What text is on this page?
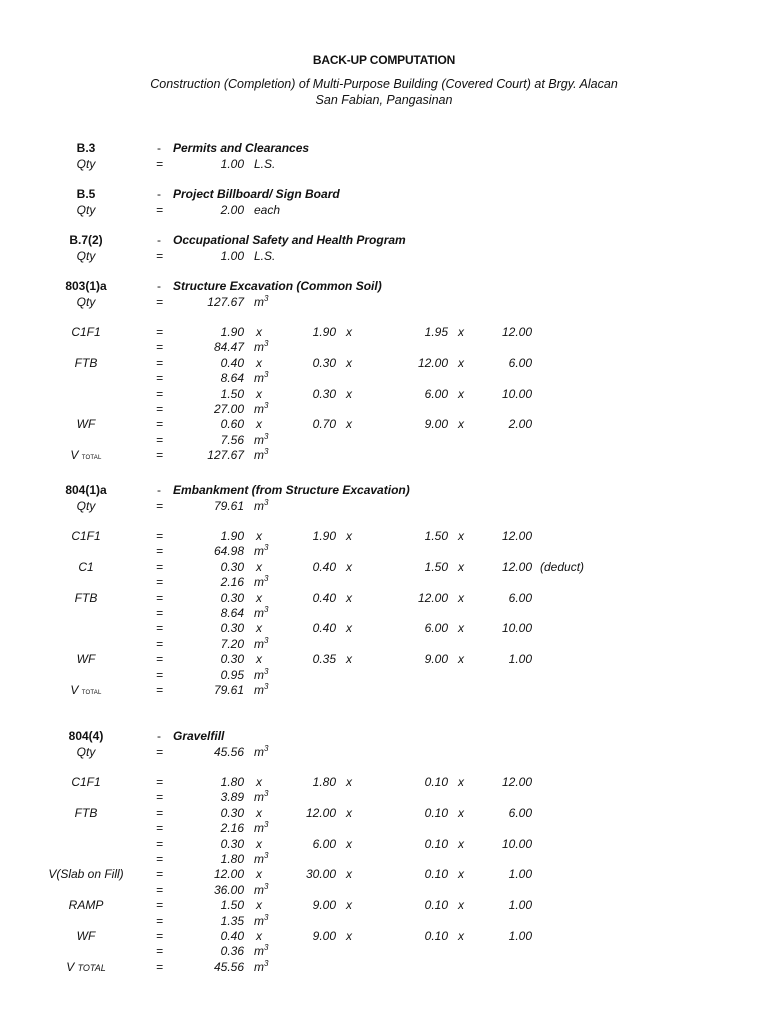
BACK-UP COMPUTATION
Construction (Completion) of Multi-Purpose Building (Covered Court) at Brgy. Alacan
San Fabian, Pangasinan
B.3	- Permits and Clearances
Qty	=	1.00 L.S.
B.5	- Project Billboard/ Sign Board
Qty	=	2.00 each
B.7(2)	- Occupational Safety and Health Program
Qty	=	1.00 L.S.
803(1)a	- Structure Excavation (Common Soil)
Qty	=	127.67 $m^3$
C1F1	=	1.90 x	1.90 x	1.95 x	12.00
=	84.47 $m^3$
FTB	=	0.40 x	0.30 x	12.00 x	6.00
=	8.64 $m^3$
=	1.50 x	0.30 x	6.00 x	10.00
=	27.00 $m^3$
WF	=	0.60 x	0.70 x	9.00 x	2.00
=	7.56 $m^3$
V TOTAL	=	127.67 $m^3$
804(1)a	- Embankment (from Structure Excavation)
Qty	=	79.61 $m^3$
C1F1	=	1.90 x	1.90 x	1.50 x	12.00
=	64.98 $m^3$
C1	=	0.30 x	0.40 x	1.50 x	12.00 (deduct)
=	2.16 $m^3$
FTB	=	0.30 x	0.40 x	12.00 x	6.00
=	8.64 $m^3$
=	0.30 x	0.40 x	6.00 x	10.00
=	7.20 $m^3$
WF	=	0.30 x	0.35 x	9.00 x	1.00
=	0.95 $m^3$
V TOTAL	=	79.61 $m^3$
804(4)	- Gravelfill
Qty	=	45.56 $m^3$
C1F1	=	1.80 x	1.80 x	0.10 x	12.00
=	3.89 $m^3$
FTB	=	0.30 x	12.00 x	0.10 x	6.00
=	2.16 $m^3$
=	0.30 x	6.00 x	0.10 x	10.00
=	1.80 $m^3$
V(Slab on Fill)	=	12.00 x	30.00 x	0.10 x	1.00
=	36.00 $m^3$
RAMP	=	1.50 x	9.00 x	0.10 x	1.00
=	1.35 $m^3$
WF	=	0.40 x	9.00 x	0.10 x	1.00
=	0.36 $m^3$
V TOTAL	=	45.56 $m^3$
